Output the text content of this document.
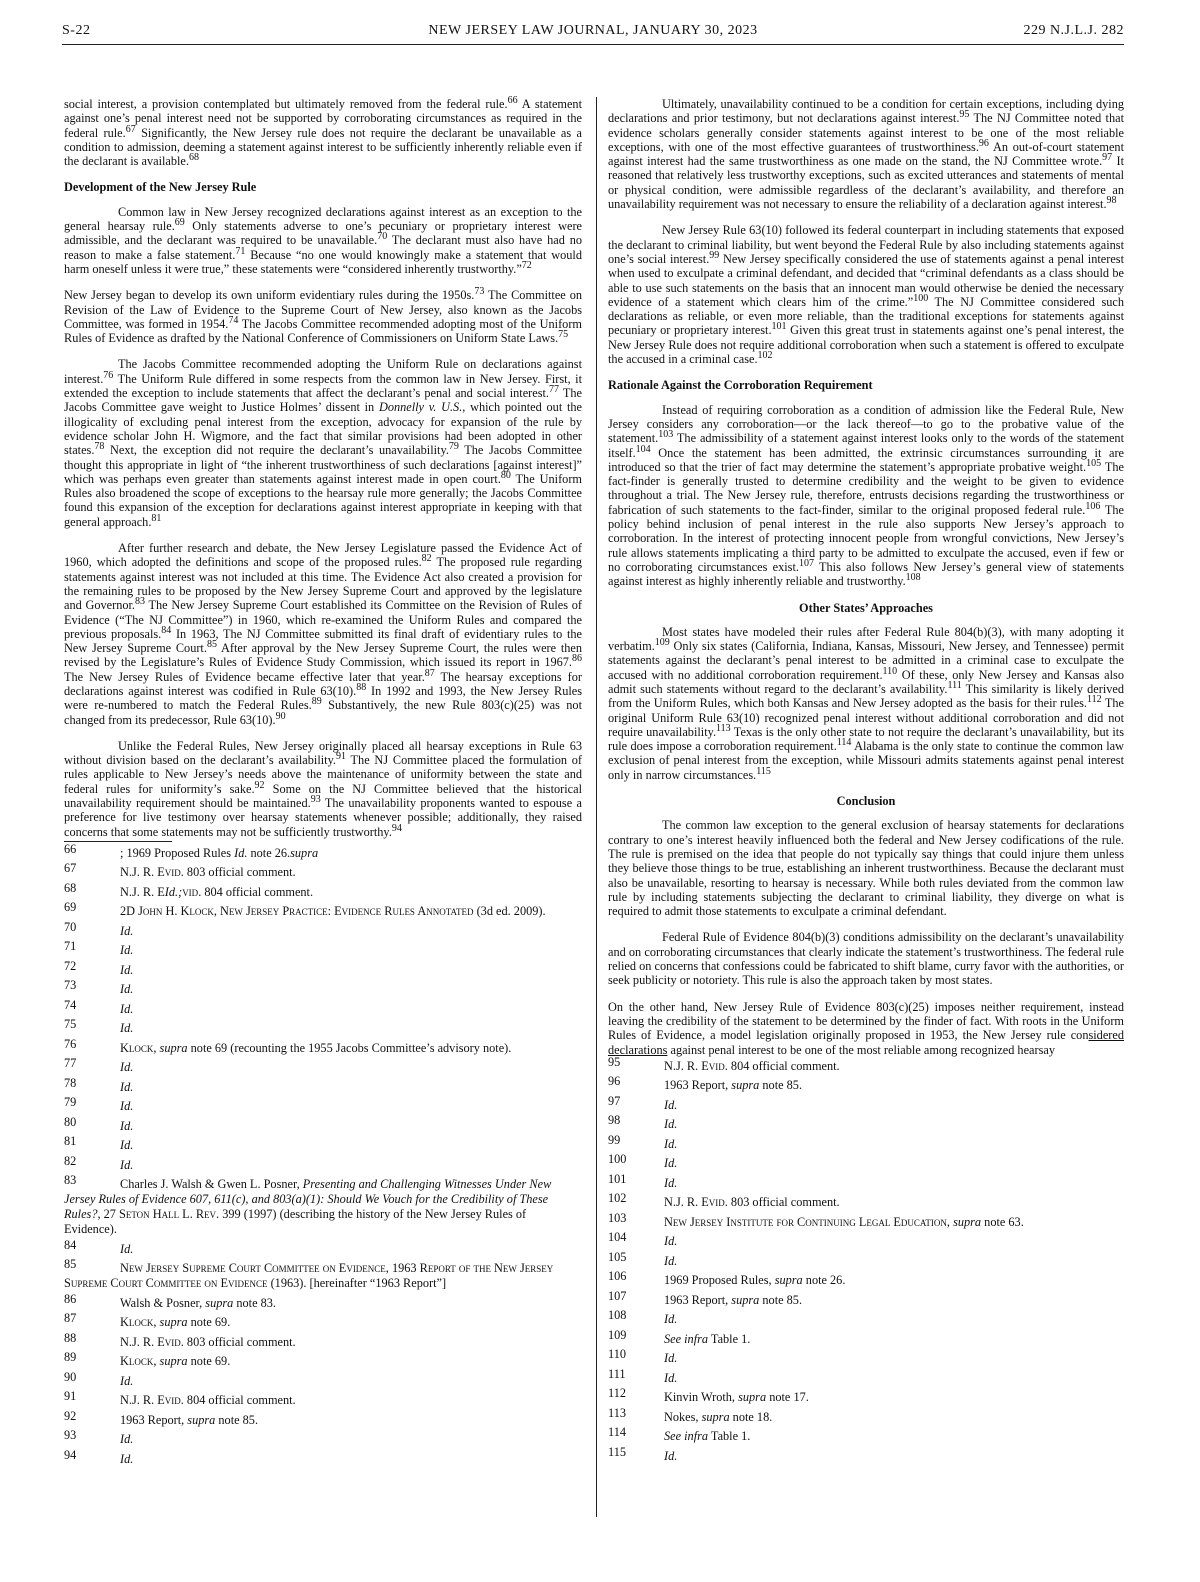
S-22	NEW JERSEY LAW JOURNAL, JANUARY 30, 2023	229 N.J.L.J. 282

social interest, a provision contemplated but ultimately removed from the federal rule.$^{66}$ A statement against one’s penal interest need not be supported by corroborating circumstances as required in the federal rule.$^{67}$ Significantly, the New Jersey rule does not require the declarant be unavailable as a condition to admission, deeming a statement against interest to be sufficiently inherently reliable even if the declarant is available.$^{68}$

Development of the New Jersey Rule

Common law in New Jersey recognized declarations against interest as an exception to the general hearsay rule.$^{69}$ Only statements adverse to one’s pecuniary or proprietary interest were admissible, and the declarant was required to be unavailable.$^{70}$ The declarant must also have had no reason to make a false statement.$^{71}$ Because “no one would knowingly make a statement that would harm oneself unless it were true,” these statements were “considered inherently trustworthy.”$^{72}$

New Jersey began to develop its own uniform evidentiary rules during the 1950s.$^{73}$ The Committee on Revision of the Law of Evidence to the Supreme Court of New Jersey, also known as the Jacobs Committee, was formed in 1954.74 The Jacobs Committee recommended adopting most of the Uniform Rules of Evidence as drafted by the National Conference of Commissioners on Uniform State Laws.$^{75}$

The Jacobs Committee recommended adopting the Uniform Rule on declarations against interest.$^{76}$ The Uniform Rule differed in some respects from the common law in New Jersey. First, it extended the exception to include statements that affect the declarant’s penal and social interest.$^{77}$ The Jacobs Committee gave weight to Justice Holmes’ dissent in Donnelly v. U.S., which pointed out the illogicality of excluding penal interest from the exception, advocacy for expansion of the rule by evidence scholar John H. Wigmore, and the fact that similar provisions had been adopted in other states.$^{78}$ Next, the exception did not require the declarant’s unavailability.$^{79}$ The Jacobs Committee thought this appropriate in light of “the inherent trustworthiness of such declarations [against interest]” which was perhaps even greater than statements against interest made in open court.$^{80}$ The Uniform Rules also broadened the scope of exceptions to the hearsay rule more generally; the Jacobs Committee found this expansion of the exception for declarations against interest appropriate in keeping with that general approach.$^{81}$

After further research and debate, the New Jersey Legislature passed the Evidence Act of 1960, which adopted the definitions and scope of the proposed rules.$^{82}$ The proposed rule regarding statements against interest was not included at this time. The Evidence Act also created a provision for the remaining rules to be proposed by the New Jersey Supreme Court and approved by the legislature and Governor.$^{83}$ The New Jersey Supreme Court established its Committee on the Revision of Rules of Evidence (“The NJ Committee”) in 1960, which re-examined the Uniform Rules and compared the previous proposals.$^{84}$ In 1963, The NJ Committee submitted its final draft of evidentiary rules to the New Jersey Supreme Court.$^{85}$ After approval by the New Jersey Supreme Court, the rules were then revised by the Legislature’s Rules of Evidence Study Commission, which issued its report in 1967.86 The New Jersey Rules of Evidence became effective later that year.$^{87}$ The hearsay exceptions for declarations against interest was codified in Rule 63(10).$^{88}$ In 1992 and 1993, the New Jersey Rules were re-numbered to match the Federal Rules.$^{89}$ Substantively, the new Rule 803(c)(25) was not changed from its predecessor, Rule 63(10).$^{90}$

Unlike the Federal Rules, New Jersey originally placed all hearsay exceptions in Rule 63 without division based on the declarant’s availability.$^{91}$ The NJ Committee placed the formulation of rules applicable to New Jersey’s needs above the maintenance of uniformity between the state and federal rules for uniformity’s sake.$^{92}$ Some on the NJ Committee believed that the historical unavailability requirement should be maintained.$^{93}$ The unavailability proponents wanted to espouse a preference for live testimony over hearsay statements whenever possible; additionally, they raised concerns that some statements may not be sufficiently trustworthy.$^{94}$

66	; 1969 Proposed Rules Id. note 26.supra
67	N.J. R. Evid. 803 official comment.
68	N.J. R. EId.;vid. 804 official comment.
69	2D John H. Klock, New Jersey Practice: Evidence Rules Annotated (3d ed. 2009).
70	Id.
71	Id.
72	Id.
73	Id.
74	Id.
75	Id.
76	Klock, supra note 69 (recounting the 1955 Jacobs Committee’s advisory note).
77	Id.
78	Id.
79	Id.
80	Id.
81	Id.
82	Id.
83	Charles J. Walsh & Gwen L. Posner, Presenting and Challenging Witnesses Under New Jersey Rules of Evidence 607, 611(c), and 803(a)(1): Should We Vouch for the Credibility of These Rules?, 27 Seton Hall L. Rev. 399 (1997) (describing the history of the New Jersey Rules of Evidence).
84	Id.
85	New Jersey Supreme Court Committee on Evidence, 1963 Report of the New Jersey Supreme Court Committee on Evidence (1963). [hereinafter “1963 Report”]
86	Walsh & Posner, supra note 83.
87	Klock, supra note 69.
88	N.J. R. Evid. 803 official comment.
89	Klock, supra note 69.
90	Id.
91	N.J. R. Evid. 804 official comment.
92	1963 Report, supra note 85.
93	Id.
94	Id.

Ultimately, unavailability continued to be a condition for certain exceptions, including dying declarations and prior testimony, but not declarations against interest.$^{95}$ The NJ Committee noted that evidence scholars generally consider statements against interest to be one of the most reliable exceptions, with one of the most effective guarantees of trustworthiness.$^{96}$ An out-of-court statement against interest had the same trustworthiness as one made on the stand, the NJ Committee wrote.$^{97}$ It reasoned that relatively less trustworthy exceptions, such as excited utterances and statements of mental or physical condition, were admissible regardless of the declarant’s availability, and therefore an unavailability requirement was not necessary to ensure the reliability of a declaration against interest.$^{98}$

New Jersey Rule 63(10) followed its federal counterpart in including statements that exposed the declarant to criminal liability, but went beyond the Federal Rule by also including statements against one’s social interest.$^{99}$ New Jersey specifically considered the use of statements against a penal interest when used to exculpate a criminal defendant, and decided that “criminal defendants as a class should be able to use such statements on the basis that an innocent man would otherwise be denied the necessary evidence of a statement which clears him of the crime.”$^{100}$ The NJ Committee considered such declarations as reliable, or even more reliable, than the traditional exceptions for statements against pecuniary or proprietary interest.$^{101}$ Given this great trust in statements against one’s penal interest, the New Jersey Rule does not require additional corroboration when such a statement is offered to exculpate the accused in a criminal case.$^{102}$

Rationale Against the Corroboration Requirement

Instead of requiring corroboration as a condition of admission like the Federal Rule, New Jersey considers any corroboration—or the lack thereof—to go to the probative value of the statement.$^{103}$ The admissibility of a statement against interest looks only to the words of the statement itself.$^{104}$ Once the statement has been admitted, the extrinsic circumstances surrounding it are introduced so that the trier of fact may determine the statement’s appropriate probative weight.$^{105}$ The fact-finder is generally trusted to determine credibility and the weight to be given to evidence throughout a trial. The New Jersey rule, therefore, entrusts decisions regarding the trustworthiness or fabrication of such statements to the fact-finder, similar to the original proposed federal rule.$^{106}$ The policy behind inclusion of penal interest in the rule also supports New Jersey’s approach to corroboration. In the interest of protecting innocent people from wrongful convictions, New Jersey’s rule allows statements implicating a third party to be admitted to exculpate the accused, even if few or no corroborating circumstances exist.$^{107}$ This also follows New Jersey’s general view of statements against interest as highly inherently reliable and trustworthy.$^{108}$

Other States’ Approaches

Most states have modeled their rules after Federal Rule 804(b)(3), with many adopting it verbatim.$^{109}$ Only six states (California, Indiana, Kansas, Missouri, New Jersey, and Tennessee) permit statements against the declarant’s penal interest to be admitted in a criminal case to exculpate the accused with no additional corroboration requirement.$^{110}$ Of these, only New Jersey and Kansas also admit such statements without regard to the declarant’s availability.$^{111}$ This similarity is likely derived from the Uniform Rules, which both Kansas and New Jersey adopted as the basis for their rules.$^{112}$ The original Uniform Rule 63(10) recognized penal interest without additional corroboration and did not require unavailability.$^{113}$ Texas is the only other state to not require the declarant’s unavailability, but its rule does impose a corroboration requirement.$^{114}$ Alabama is the only state to continue the common law exclusion of penal interest from the exception, while Missouri admits statements against penal interest only in narrow circumstances.$^{115}$

Conclusion

The common law exception to the general exclusion of hearsay statements for declarations contrary to one’s interest heavily influenced both the federal and New Jersey codifications of the rule. The rule is premised on the idea that people do not typically say things that could injure them unless they believe those things to be true, establishing an inherent trustworthiness. Because the declarant must also be unavailable, resorting to hearsay is necessary. While both rules deviated from the common law rule by including statements subjecting the declarant to criminal liability, they diverge on what is required to admit those statements to exculpate a criminal defendant.

Federal Rule of Evidence 804(b)(3) conditions admissibility on the declarant’s unavailability and on corroborating circumstances that clearly indicate the statement’s trustworthiness. The federal rule relied on concerns that confessions could be fabricated to shift blame, curry favor with the authorities, or seek publicity or notoriety. This rule is also the approach taken by most states.

On the other hand, New Jersey Rule of Evidence 803(c)(25) imposes neither requirement, instead leaving the credibility of the statement to be determined by the finder of fact. With roots in the Uniform Rules of Evidence, a model legislation originally proposed in 1953, the New Jersey rule considered declarations against penal interest to be one of the most reliable among recognized hearsay

95	N.J. R. Evid. 804 official comment.
96	1963 Report, supra note 85.
97	Id.
98	Id.
99	Id.
100	Id.
101	Id.
102	N.J. R. Evid. 803 official comment.
103	New Jersey Institute for Continuing Legal Education, supra note 63.
104	Id.
105	Id.
106	1969 Proposed Rules, supra note 26.
107	1963 Report, supra note 85.
108	Id.
109	See infra Table 1.
110	Id.
111	Id.
112	Kinvin Wroth, supra note 17.
113	Nokes, supra note 18.
114	See infra Table 1.
115	Id.
